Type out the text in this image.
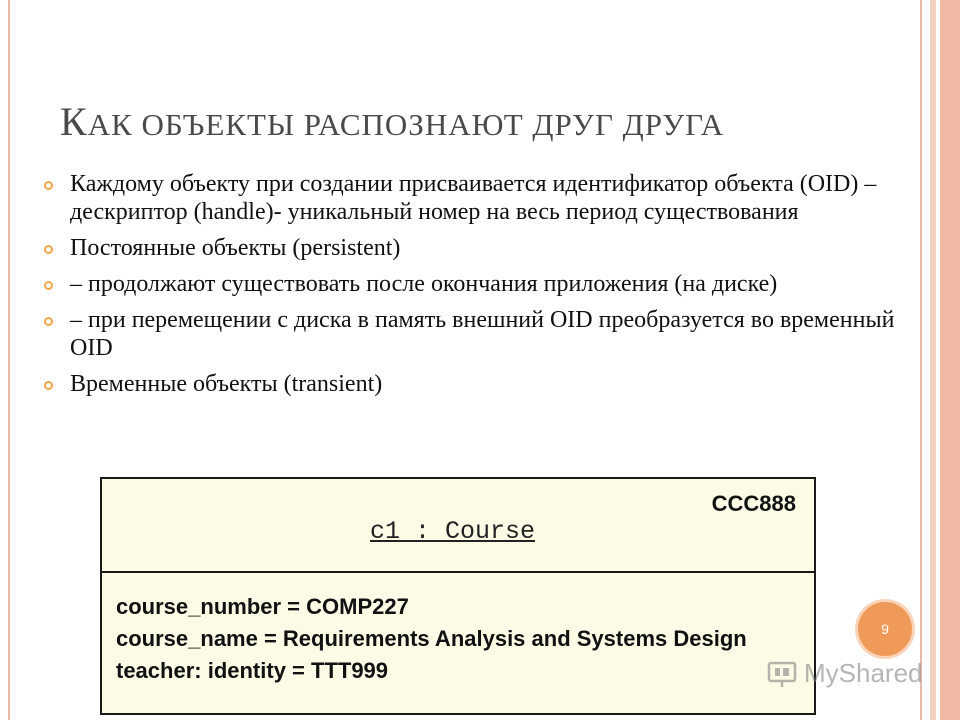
КАК ОБЪЕКТЫ РАСПОЗНАЮТ ДРУГ ДРУГА
Каждому объекту при создании присваивается идентификатор объекта (OID) – дескриптор (handle)- уникальный номер на весь период существования
Постоянные объекты (persistent)
– продолжают существовать после окончания приложения (на диске)
– при перемещении с диска в память внешний OID преобразуется во временный OID
Временные объекты (transient)
CCC888
c1 : Course
course_number = COMP227
course_name = Requirements Analysis and Systems Design
teacher: identity = TTT999
9
MyShared
